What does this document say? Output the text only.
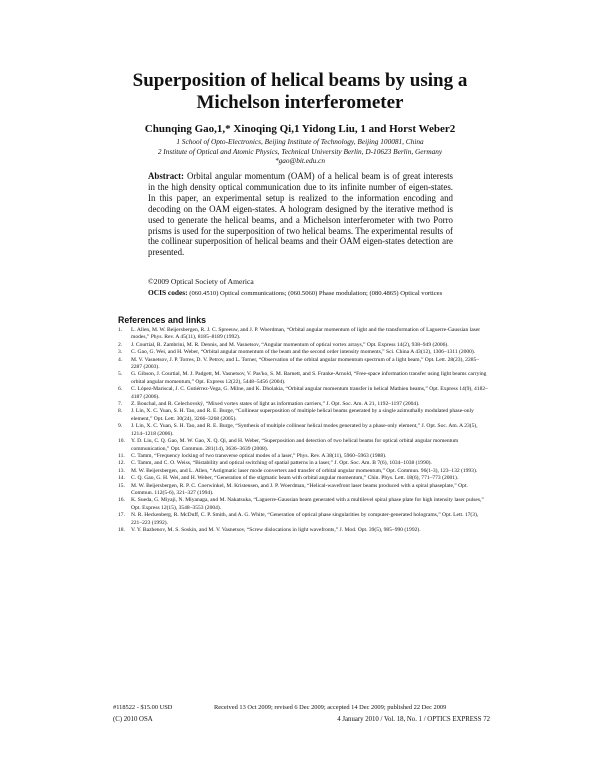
Superposition of helical beams by using a
Michelson interferometer
Chunqing Gao,1,* Xinoqing Qi,1 Yidong Liu, 1 and Horst Weber2
1 School of Opto-Electronics, Beijing Institute of Technology, Beijing 100081, China
2 Institute of Optical and Atomic Physics, Technical University Berlin, D-10623 Berlin, Germany
*gao@bit.edu.cn
Abstract: Orbital angular momentum (OAM) of a helical beam is of great interests in the high density optical communication due to its infinite number of eigen-states. In this paper, an experimental setup is realized to the information encoding and decoding on the OAM eigen-states. A hologram designed by the iterative method is used to generate the helical beams, and a Michelson interferometer with two Porro prisms is used for the superposition of two helical beams. The experimental results of the collinear superposition of helical beams and their OAM eigen-states detection are presented.
©2009 Optical Society of America
OCIS codes: (060.4510) Optical communications; (060.5060) Phase modulation; (080.4865) Optical vortices
References and links
1.	L. Allen, M. W. Beijersbergen, R. J. C. Spreeuw, and J. P. Woerdman, “Orbital angular momentum of light and the transformation of Laguerre-Gaussian laser modes,” Phys. Rev. A 45(11), 8185–8189 (1992).
2.	J. Courtial, R. Zambrini, M. R. Dennis, and M. Vasnetsov, “Angular momentum of optical vortex arrays,” Opt. Express 14(2), 938–949 (2006).
3.	C. Gao, G. Wei, and H. Weber, “Orbital angular momentum of the beam and the second order intensity moments,” Sci. China A 43(12), 1306–1311 (2000).
4.	M. V. Vasnetsov, J. P. Torres, D. V. Petrov, and L. Torner, “Observation of the orbital angular momentum spectrum of a light beam,” Opt. Lett. 28(23), 2285–2287 (2003).
5.	G. Gibson, J. Courtial, M. J. Padgett, M. Vasnetsov, V. Pas'ko, S. M. Barnett, and S. Franke-Arnold, “Free-space information transfer using light beams carrying orbital angular momentum,” Opt. Express 12(22), 5448–5456 (2004).
6.	C. López-Mariscal, J. C. Gutiérrez-Vega, G. Milne, and K. Dholakia, “Orbital angular momentum transfer in helical Mathieu beams,” Opt. Express 14(9), 4182–4187 (2006).
7.	Z. Bouchal, and R. Celechovský, “Mixed vortex states of light as information carriers,” J. Opt. Soc. Am. A 21, 1192–1197 (2004).
8.	J. Lin, X. C. Yuan, S. H. Tao, and R. E. Burge, “Collinear superposition of multiple helical beams generated by a single azimuthally modulated phase-only element,” Opt. Lett. 30(24), 3266–3268 (2005).
9.	J. Lin, X. C. Yuan, S. H. Tao, and R. E. Burge, “Synthesis of multiple collinear helical modes generated by a phase-only element,” J. Opt. Soc. Am. A 23(5), 1214–1218 (2006).
10.	Y. D. Liu, C. Q. Gao, M. W. Gao, X. Q. Qi, and H. Weber, “Superposition and detection of two helical beams for optical orbital angular momentum communication,” Opt. Commun. 281(14), 3636–3639 (2008).
11.	C. Tamm, “Frequency locking of two transverse optical modes of a laser,” Phys. Rev. A 38(11), 5960–5963 (1988).
12.	C. Tamm, and C. O. Weiss, “Bistability and optical switching of spatial patterns in a laser,” J. Opt. Soc. Am. B 7(6), 1034–1038 (1990).
13.	M. W. Beijersbergen, and L. Allen, “Astigmatic laser mode converters and transfer of orbital angular momentum,” Opt. Commun. 96(1-3), 123–132 (1993).
14.	C. Q. Gao, G. H. Wei, and H. Weber, “Generation of the stigmatic beam with orbital angular momentum,” Chin. Phys. Lett. 18(6), 771–773 (2001).
15.	M. W. Beijersbergen, R. P. C. Coerwinkel, M. Kristensen, and J. P. Woerdman, “Helical-wavefront laser beams produced with a spiral phaseplate,” Opt. Commun. 112(5-6), 321–327 (1994).
16.	K. Sueda, G. Miyaji, N. Miyanaga, and M. Nakatsuka, “Laguerre-Gaussian beam generated with a multilevel spiral phase plate for high intensity laser pulses,” Opt. Express 12(15), 3548–3553 (2004).
17.	N. R. Heckenberg, R. McDuff, C. P. Smith, and A. G. White, “Generation of optical phase singularities by computer-generated holograms,” Opt. Lett. 17(3), 221–223 (1992).
18.	V. Y. Bazhenov, M. S. Soskin, and M. V. Vasnetsov, “Screw dislocations in light wavefronts,” J. Mod. Opt. 39(5), 985–990 (1992).
#118522 - $15.00 USD	Received 13 Oct 2009; revised 6 Dec 2009; accepted 14 Dec 2009; published 22 Dec 2009
(C) 2010 OSA	4 January 2010 / Vol. 18, No. 1 / OPTICS EXPRESS 72
